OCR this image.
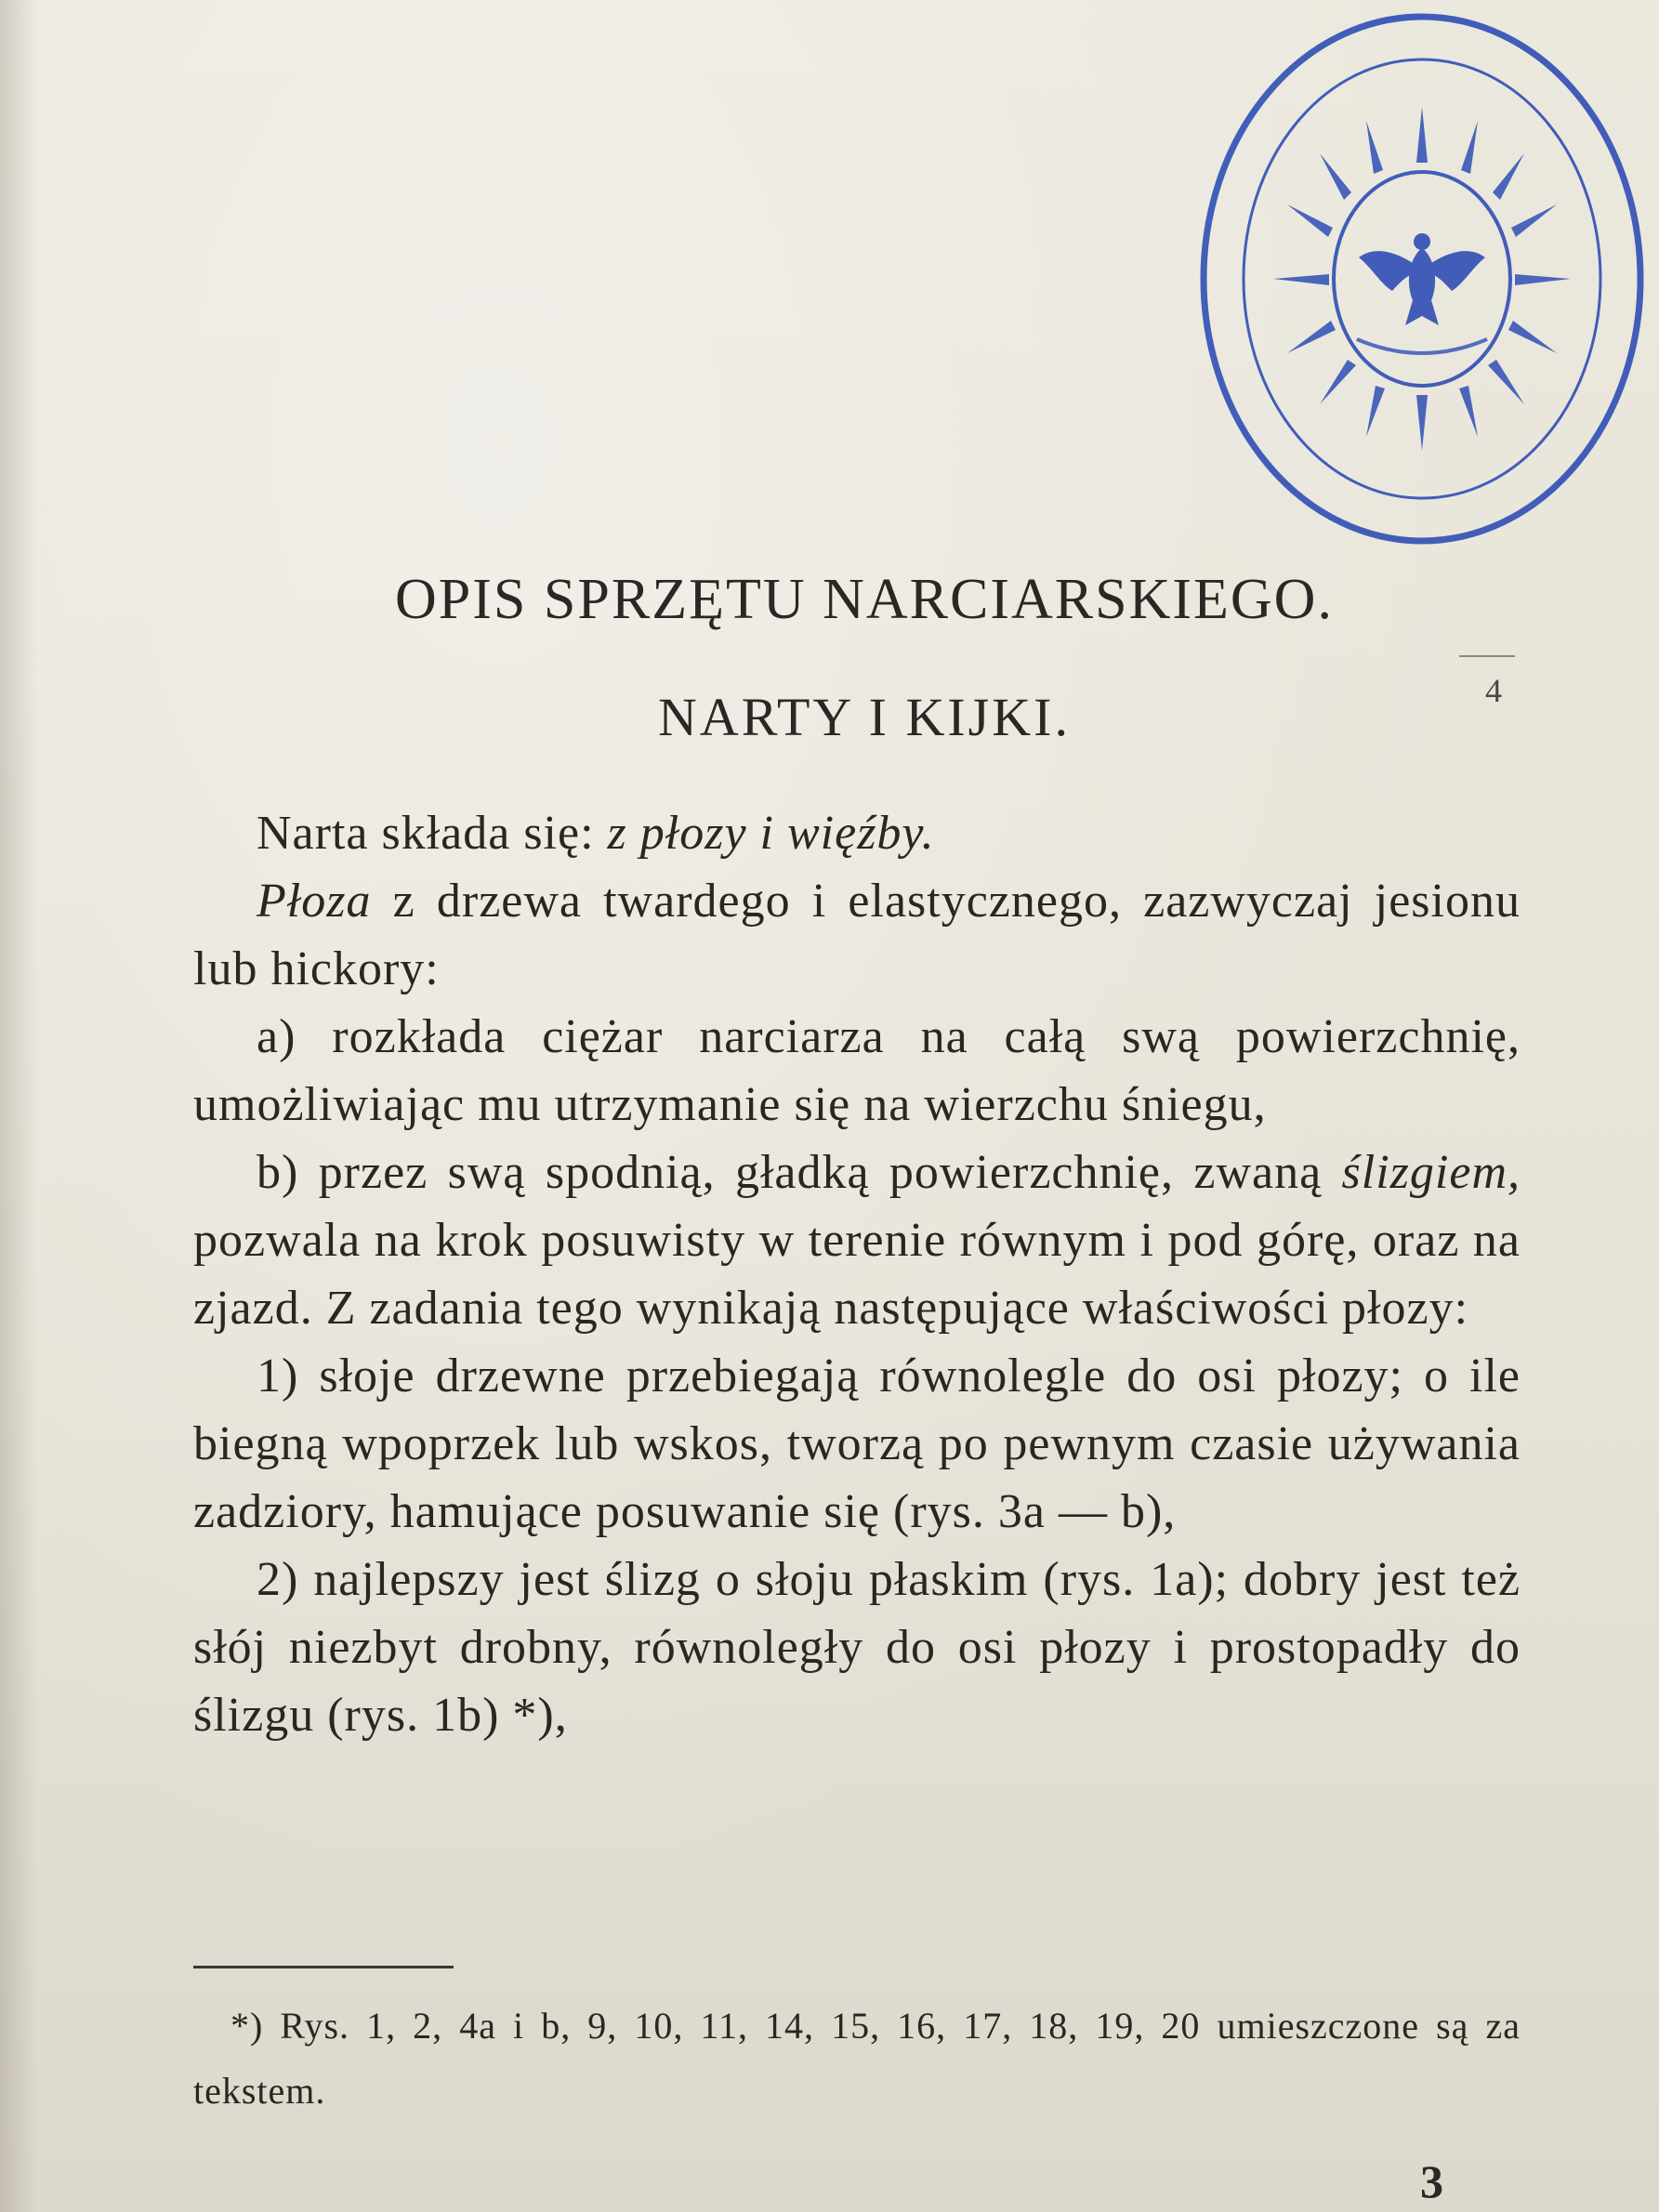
OPIS SPRZĘTU NARCIARSKIEGO.
NARTY I KIJKI.	4

Narta składa się: z płozy i więźby.

Płoza z drzewa twardego i elastycznego, zazwyczaj jesionu lub hickory:

a) rozkłada ciężar narciarza na całą swą powierzchnię, umożliwiając mu utrzymanie się na wierzchu śniegu,

b) przez swą spodnią, gładką powierzchnię, zwaną ślizgiem, pozwala na krok posuwisty w terenie równym i pod górę, oraz na zjazd. Z zadania tego wynikają następujące właściwości płozy:

1) słoje drzewne przebiegają równolegle do osi płozy; o ile biegną wpoprzek lub wskos, tworzą po pewnym czasie używania zadziory, hamujące posuwanie się (rys. 3a — b),

2) najlepszy jest ślizg o słoju płaskim (rys. 1a); dobry jest też słój niezbyt drobny, równoległy do osi płozy i prostopadły do ślizgu (rys. 1b) *),

*) Rys. 1, 2, 4a i b, 9, 10, 11, 14, 15, 16, 17, 18, 19, 20 umieszczone są za tekstem.

3
